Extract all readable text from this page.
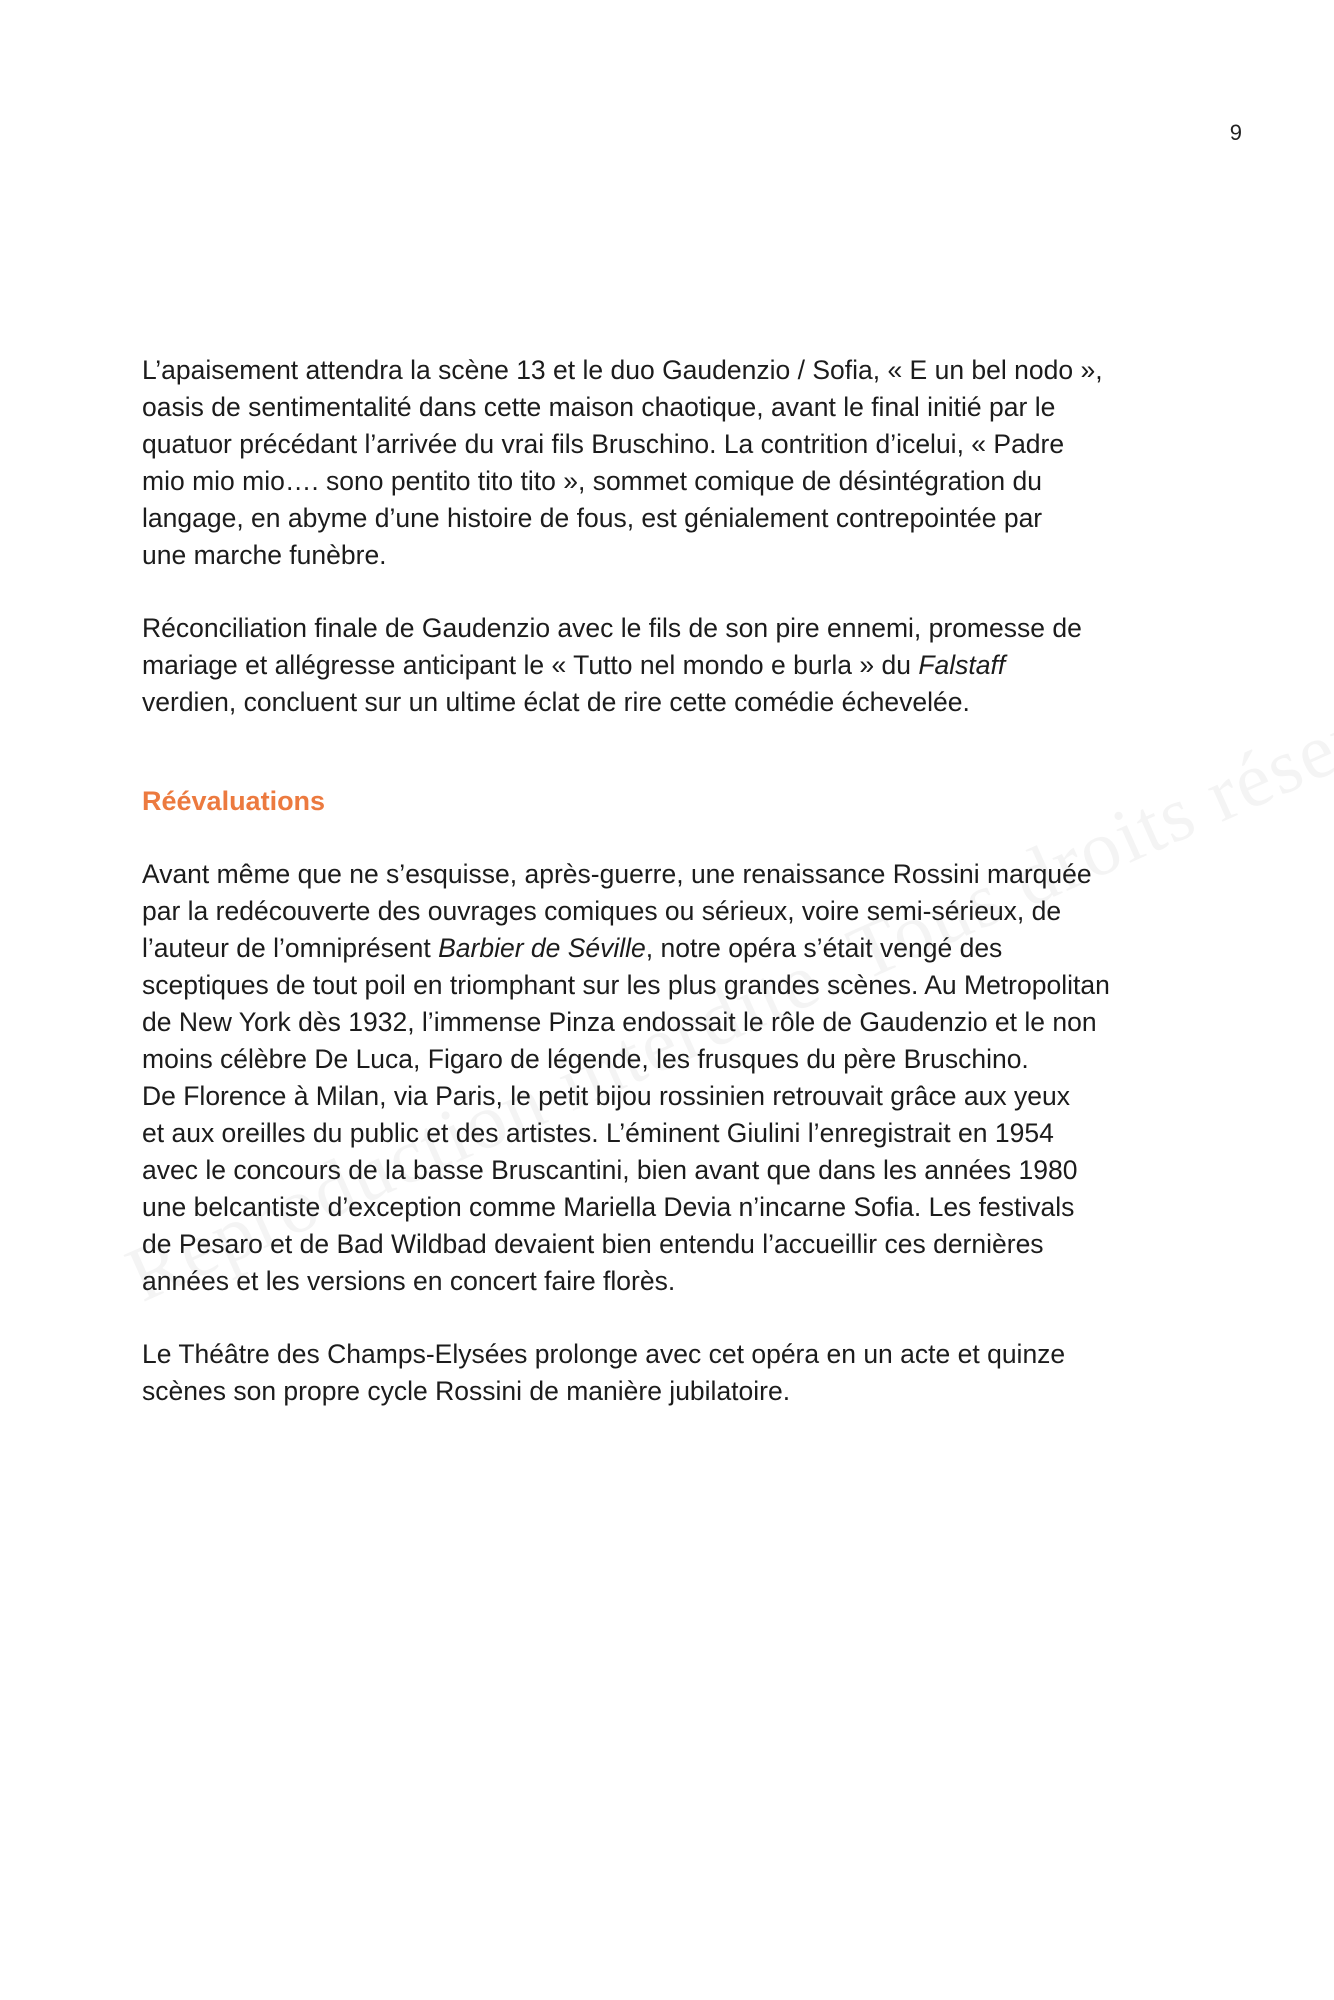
9

L’apaisement attendra la scène 13 et le duo Gaudenzio / Sofia, « E un bel nodo »,
oasis de sentimentalité dans cette maison chaotique, avant le final initié par le
quatuor précédant l’arrivée du vrai fils Bruschino. La contrition d’icelui, « Padre
mio mio mio…. sono pentito tito tito », sommet comique de désintégration du
langage, en abyme d’une histoire de fous, est génialement contrepointée par
une marche funèbre.

Réconciliation finale de Gaudenzio avec le fils de son pire ennemi, promesse de
mariage et allégresse anticipant le « Tutto nel mondo e burla » du Falstaff
verdien, concluent sur un ultime éclat de rire cette comédie échevelée.

Réévaluations

Avant même que ne s’esquisse, après-guerre, une renaissance Rossini marquée
par la redécouverte des ouvrages comiques ou sérieux, voire semi-sérieux, de
l’auteur de l’omniprésent Barbier de Séville, notre opéra s’était vengé des
sceptiques de tout poil en triomphant sur les plus grandes scènes. Au Metropolitan
de New York dès 1932, l’immense Pinza endossait le rôle de Gaudenzio et le non
moins célèbre De Luca, Figaro de légende, les frusques du père Bruschino.
De Florence à Milan, via Paris, le petit bijou rossinien retrouvait grâce aux yeux
et aux oreilles du public et des artistes. L’éminent Giulini l’enregistrait en 1954
avec le concours de la basse Bruscantini, bien avant que dans les années 1980
une belcantiste d’exception comme Mariella Devia n’incarne Sofia. Les festivals
de Pesaro et de Bad Wildbad devaient bien entendu l’accueillir ces dernières
années et les versions en concert faire florès.

Le Théâtre des Champs-Elysées prolonge avec cet opéra en un acte et quinze
scènes son propre cycle Rossini de manière jubilatoire.
